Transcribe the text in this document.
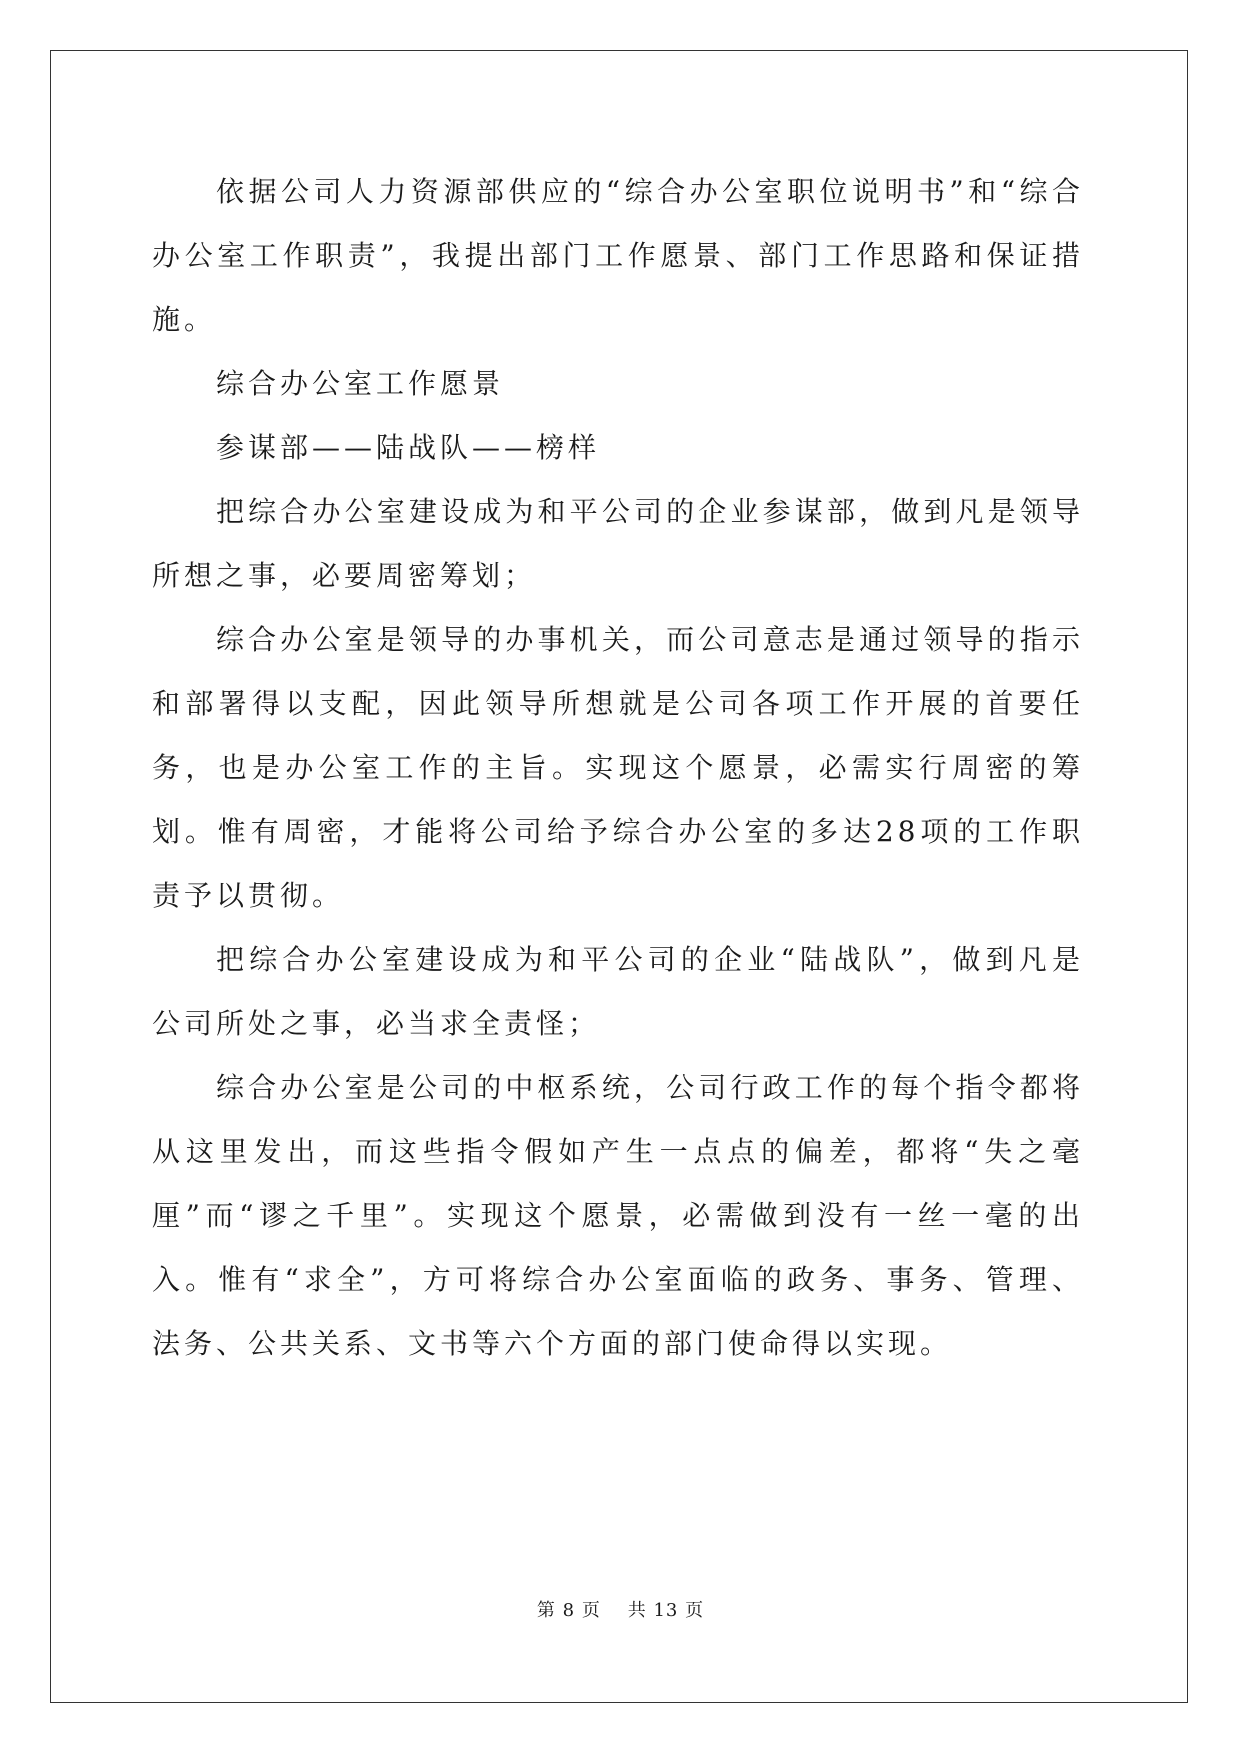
依据公司人力资源部供应的“综合办公室职位说明书”和“综合办公室工作职责”，我提出部门工作愿景、部门工作思路和保证措施。

综合办公室工作愿景

参谋部——陆战队——榜样

把综合办公室建设成为和平公司的企业参谋部，做到凡是领导所想之事，必要周密筹划；

综合办公室是领导的办事机关，而公司意志是通过领导的指示和部署得以支配，因此领导所想就是公司各项工作开展的首要任务，也是办公室工作的主旨。实现这个愿景，必需实行周密的筹划。惟有周密，才能将公司给予综合办公室的多达28项的工作职责予以贯彻。

把综合办公室建设成为和平公司的企业“陆战队”，做到凡是公司所处之事，必当求全责怪；

综合办公室是公司的中枢系统，公司行政工作的每个指令都将从这里发出，而这些指令假如产生一点点的偏差，都将“失之毫厘”而“谬之千里”。实现这个愿景，必需做到没有一丝一毫的出入。惟有“求全”，方可将综合办公室面临的政务、事务、管理、法务、公共关系、文书等六个方面的部门使命得以实现。

第 8 页 共 13 页
